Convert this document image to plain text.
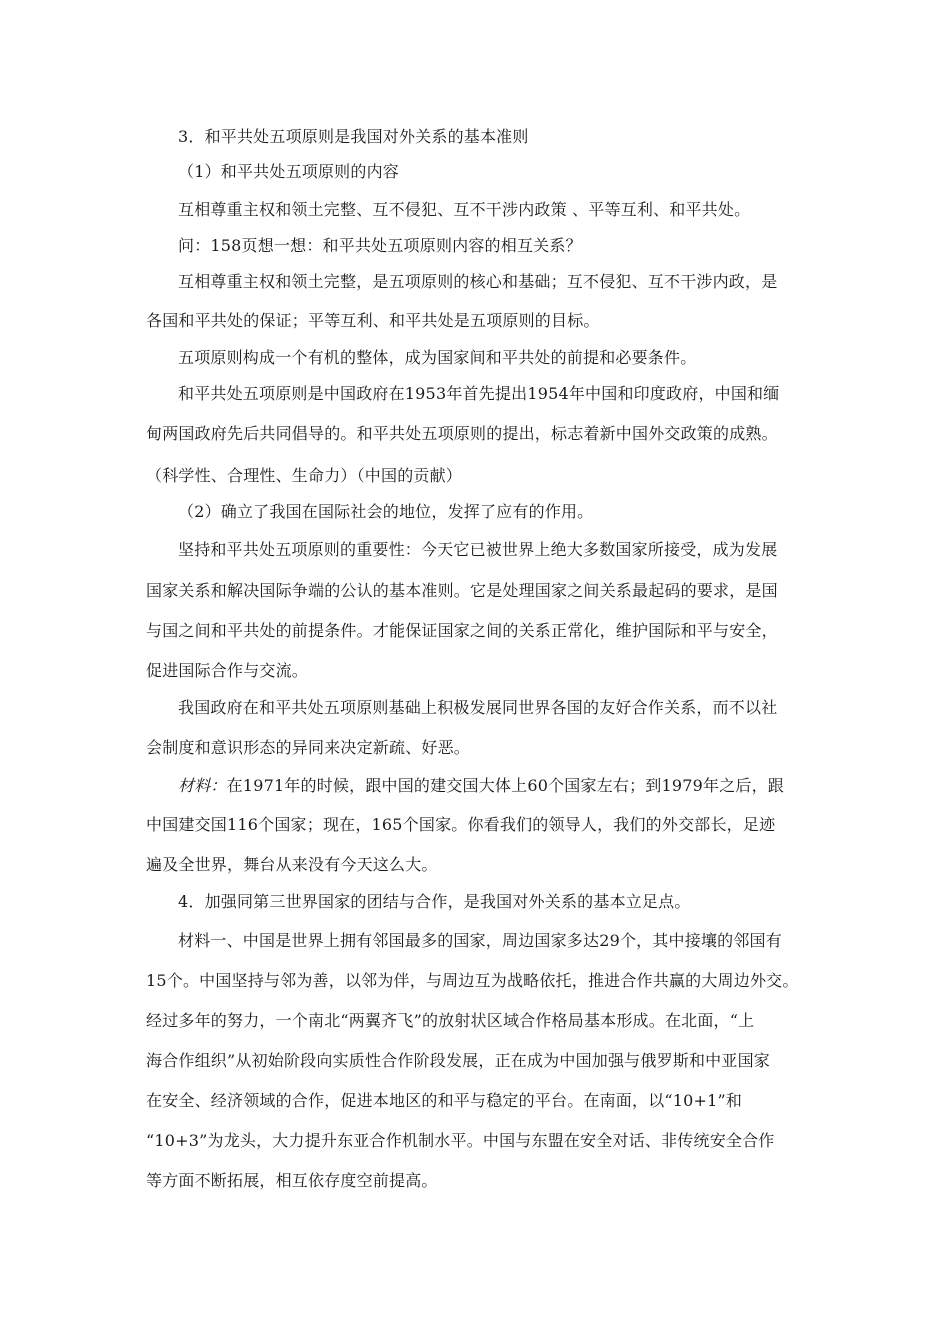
3．和平共处五项原则是我国对外关系的基本准则
（1）和平共处五项原则的内容
互相尊重主权和领土完整、互不侵犯、互不干涉内政策 、平等互利、和平共处。
问：158页想一想：和平共处五项原则内容的相互关系？
互相尊重主权和领土完整，是五项原则的核心和基础；互不侵犯、互不干涉内政，是
各国和平共处的保证；平等互利、和平共处是五项原则的目标。
五项原则构成一个有机的整体，成为国家间和平共处的前提和必要条件。
和平共处五项原则是中国政府在1953年首先提出1954年中国和印度政府，中国和缅
甸两国政府先后共同倡导的。和平共处五项原则的提出，标志着新中国外交政策的成熟。
（科学性、合理性、生命力）（中国的贡献）
（2）确立了我国在国际社会的地位，发挥了应有的作用。
坚持和平共处五项原则的重要性：今天它已被世界上绝大多数国家所接受，成为发展
国家关系和解决国际争端的公认的基本准则。它是处理国家之间关系最起码的要求，是国
与国之间和平共处的前提条件。才能保证国家之间的关系正常化，维护国际和平与安全，
促进国际合作与交流。
我国政府在和平共处五项原则基础上积极发展同世界各国的友好合作关系，而不以社
会制度和意识形态的异同来决定新疏、好恶。
材料：在1971年的时候，跟中国的建交国大体上60个国家左右；到1979年之后，跟
中国建交国116个国家；现在，165个国家。你看我们的领导人，我们的外交部长，足迹
遍及全世界，舞台从来没有今天这么大。
4．加强同第三世界国家的团结与合作，是我国对外关系的基本立足点。
材料一、中国是世界上拥有邻国最多的国家，周边国家多达29个，其中接壤的邻国有
15个。中国坚持与邻为善，以邻为伴，与周边互为战略依托，推进合作共赢的大周边外交。
经过多年的努力，一个南北“两翼齐飞”的放射状区域合作格局基本形成。在北面，“上
海合作组织”从初始阶段向实质性合作阶段发展，正在成为中国加强与俄罗斯和中亚国家
在安全、经济领域的合作，促进本地区的和平与稳定的平台。在南面，以“10+1”和
“10+3”为龙头，大力提升东亚合作机制水平。中国与东盟在安全对话、非传统安全合作
等方面不断拓展，相互依存度空前提高。
